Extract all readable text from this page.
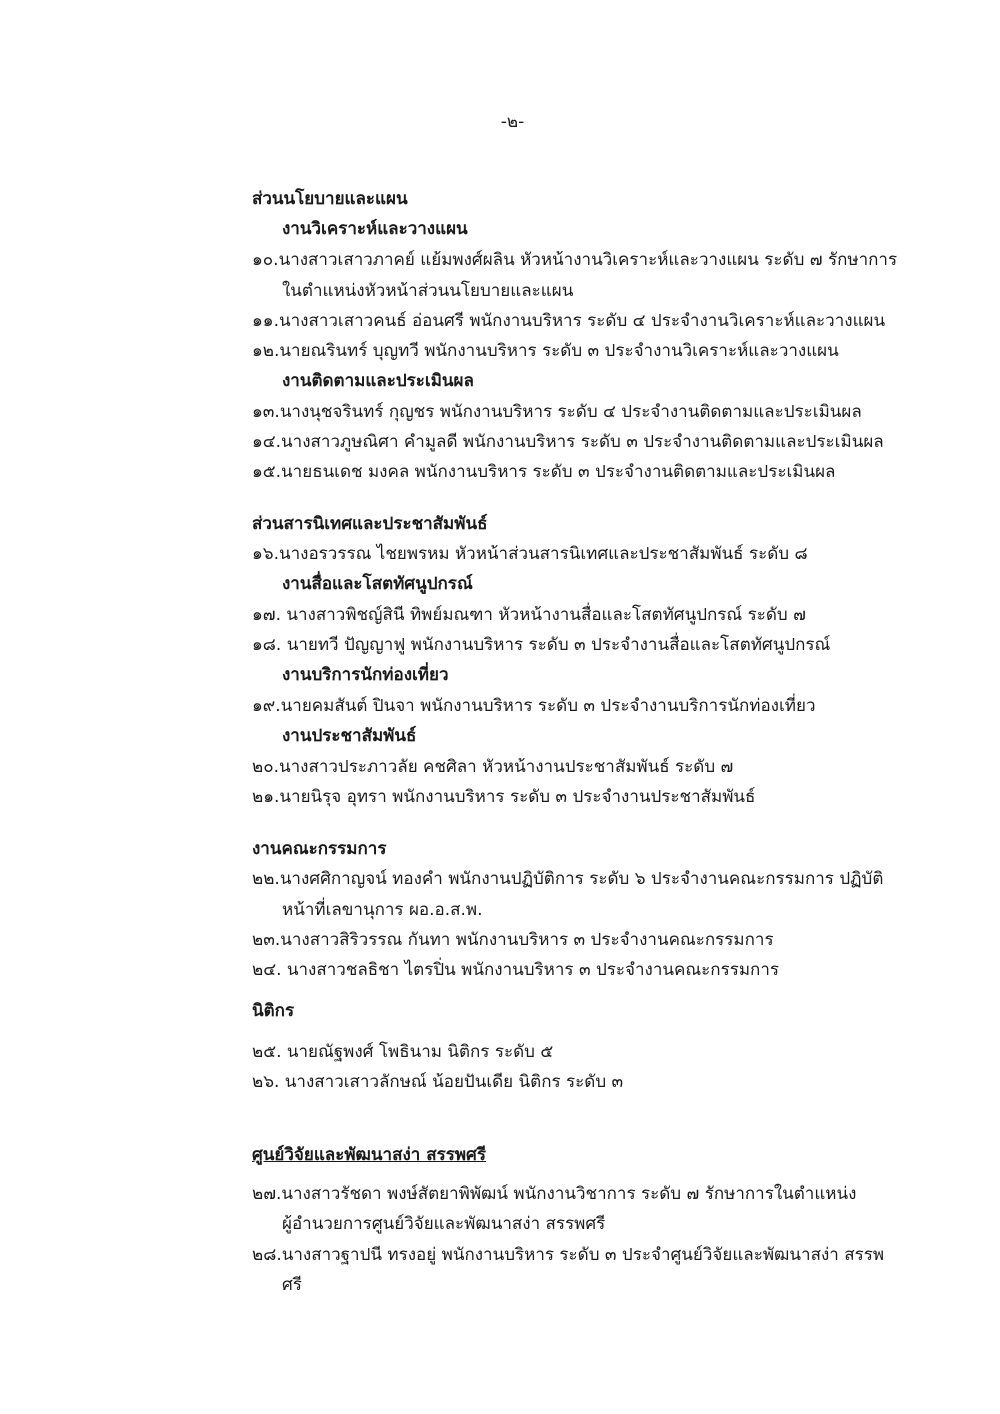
-๒-
ส่วนนโยบายและแผน
งานวิเคราะห์และวางแผน
๑๐.นางสาวเสาวภาคย์ แย้มพงศ์ผลิน หัวหน้างานวิเคราะห์และวางแผน ระดับ ๗ รักษาการ
ในตำแหน่งหัวหน้าส่วนนโยบายและแผน
๑๑.นางสาวเสาวคนธ์ อ่อนศรี พนักงานบริหาร ระดับ ๔ ประจำงานวิเคราะห์และวางแผน
๑๒.นายณรินทร์ บุญทวี พนักงานบริหาร ระดับ ๓ ประจำงานวิเคราะห์และวางแผน
งานติดตามและประเมินผล
๑๓.นางนุชจรินทร์ กุญชร พนักงานบริหาร ระดับ ๔ ประจำงานติดตามและประเมินผล
๑๔.นางสาวภูษณิศา คำมูลดี พนักงานบริหาร ระดับ ๓ ประจำงานติดตามและประเมินผล
๑๕.นายธนเดช มงคล พนักงานบริหาร ระดับ ๓ ประจำงานติดตามและประเมินผล
ส่วนสารนิเทศและประชาสัมพันธ์
๑๖.นางอรวรรณ ไชยพรหม หัวหน้าส่วนสารนิเทศและประชาสัมพันธ์ ระดับ ๘
งานสื่อและโสตทัศนูปกรณ์
๑๗. นางสาวพิชญ์สินี ทิพย์มณฑา หัวหน้างานสื่อและโสตทัศนูปกรณ์ ระดับ ๗
๑๘. นายทวี ปัญญาฟู พนักงานบริหาร ระดับ ๓ ประจำงานสื่อและโสตทัศนูปกรณ์
งานบริการนักท่องเที่ยว
๑๙.นายคมสันต์ ปินจา พนักงานบริหาร ระดับ ๓ ประจำงานบริการนักท่องเที่ยว
งานประชาสัมพันธ์
๒๐.นางสาวประภาวลัย คชศิลา หัวหน้างานประชาสัมพันธ์ ระดับ ๗
๒๑.นายนิรุจ อุทรา พนักงานบริหาร ระดับ ๓ ประจำงานประชาสัมพันธ์
งานคณะกรรมการ
๒๒.นางศศิกาญจน์ ทองคำ พนักงานปฏิบัติการ ระดับ ๖ ประจำงานคณะกรรมการ ปฏิบัติ
หน้าที่เลขานุการ ผอ.อ.ส.พ.
๒๓.นางสาวสิริวรรณ กันทา พนักงานบริหาร ๓ ประจำงานคณะกรรมการ
๒๔. นางสาวชลธิชา ไตรปิ่น พนักงานบริหาร ๓ ประจำงานคณะกรรมการ
นิติกร
๒๕. นายณัฐพงศ์ โพธินาม นิติกร ระดับ ๕
๒๖. นางสาวเสาวลักษณ์ น้อยปันเดีย นิติกร ระดับ ๓
ศูนย์วิจัยและพัฒนาสง่า สรรพศรี
๒๗.นางสาวรัชดา พงษ์สัตยาพิพัฒน์ พนักงานวิชาการ ระดับ ๗ รักษาการในตำแหน่ง
ผู้อำนวยการศูนย์วิจัยและพัฒนาสง่า สรรพศรี
๒๘.นางสาวฐาปนี ทรงอยู่ พนักงานบริหาร ระดับ ๓ ประจำศูนย์วิจัยและพัฒนาสง่า สรรพ
ศรี
